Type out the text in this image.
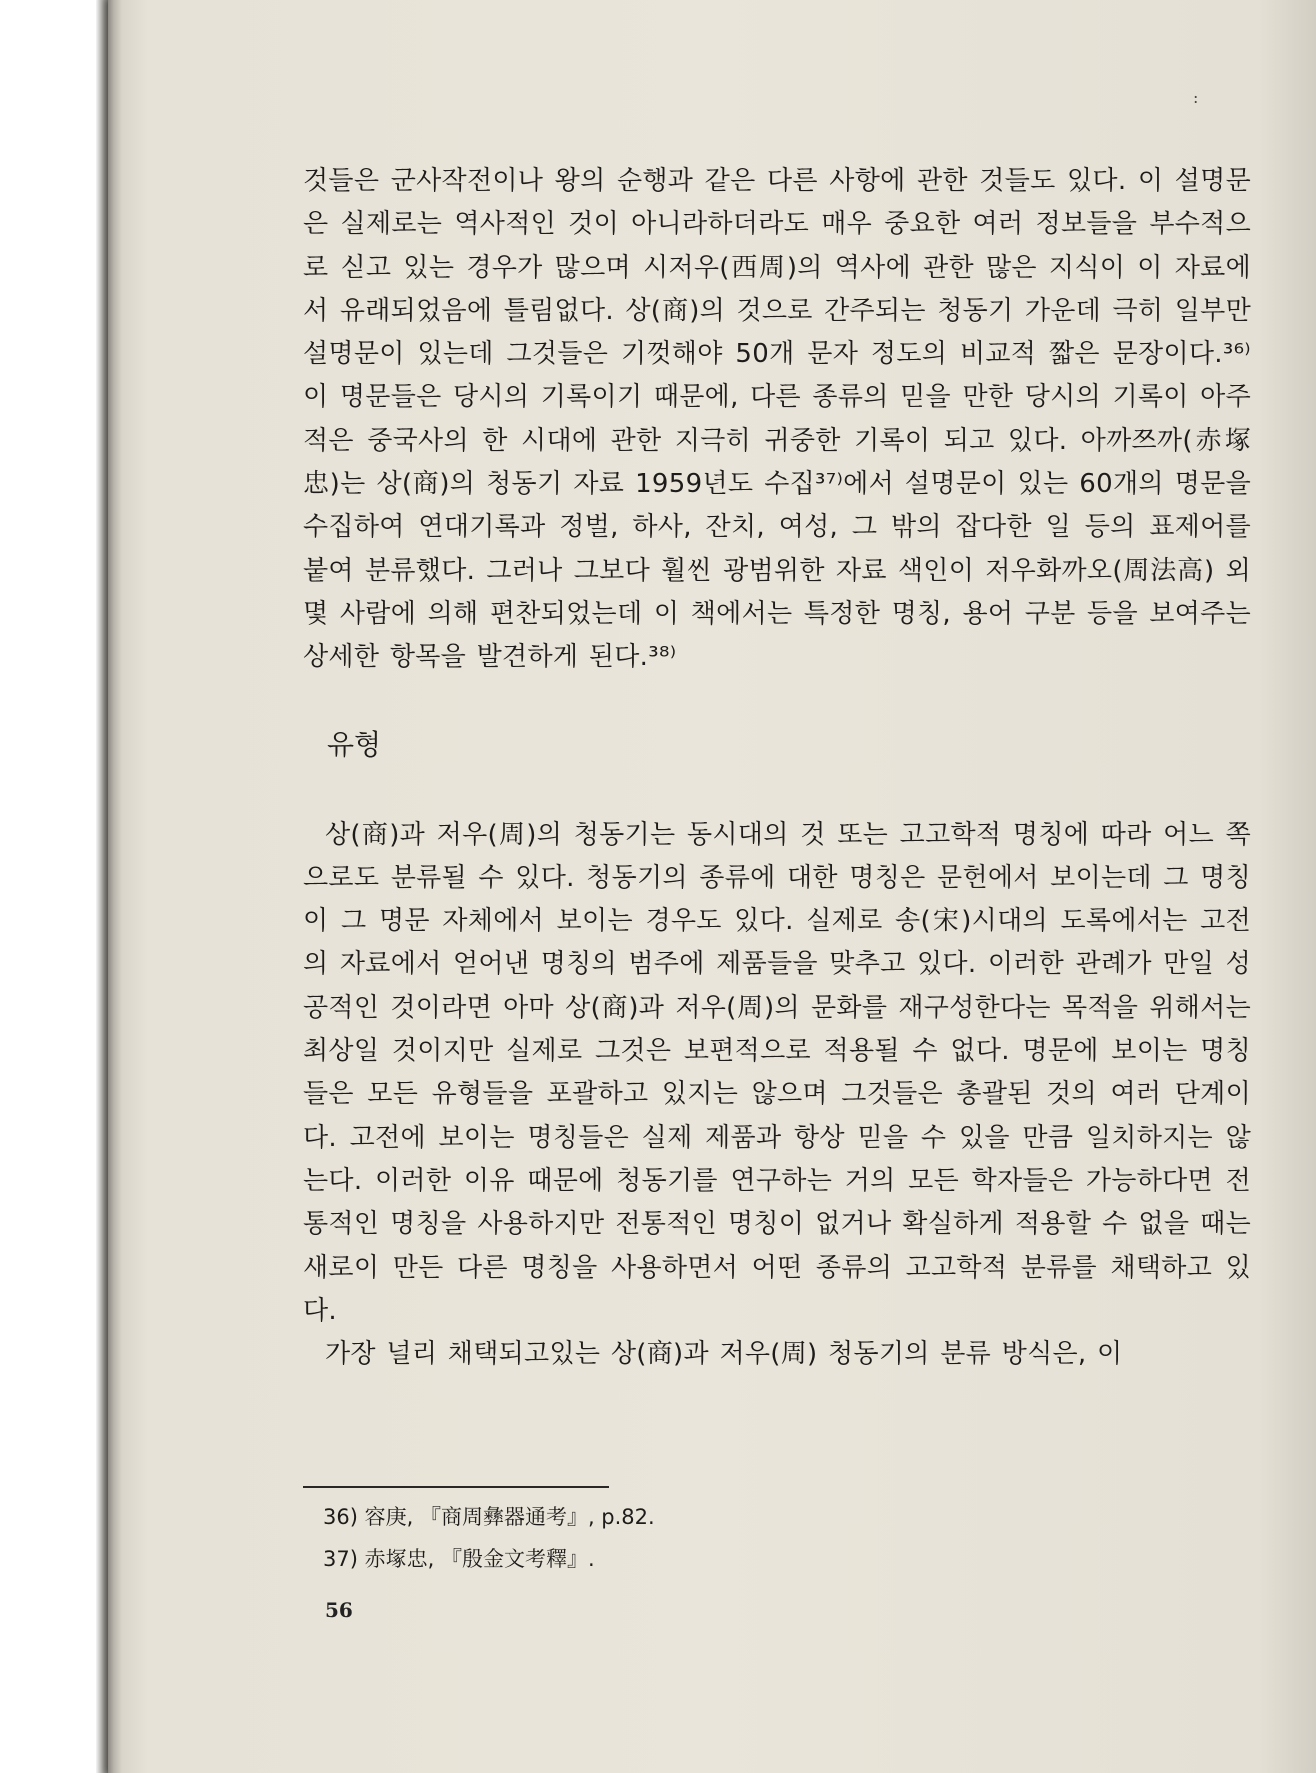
:

것들은 군사작전이나 왕의 순행과 같은 다른 사항에 관한 것들도 있다. 이 설명문은 실제로는 역사적인 것이 아니라하더라도 매우 중요한 여러 정보들을 부수적으로 싣고 있는 경우가 많으며 시저우(西周)의 역사에 관한 많은 지식이 이 자료에서 유래되었음에 틀림없다. 상(商)의 것으로 간주되는 청동기 가운데 극히 일부만 설명문이 있는데 그것들은 기껏해야 50개 문자 정도의 비교적 짧은 문장이다.³⁶⁾ 이 명문들은 당시의 기록이기 때문에, 다른 종류의 믿을 만한 당시의 기록이 아주 적은 중국사의 한 시대에 관한 지극히 귀중한 기록이 되고 있다. 아까쯔까(赤塚忠)는 상(商)의 청동기 자료 1959년도 수집³⁷⁾에서 설명문이 있는 60개의 명문을 수집하여 연대기록과 정벌, 하사, 잔치, 여성, 그 밖의 잡다한 일 등의 표제어를 붙여 분류했다. 그러나 그보다 훨씬 광범위한 자료 색인이 저우화까오(周法高) 외 몇 사람에 의해 편찬되었는데 이 책에서는 특정한 명칭, 용어 구분 등을 보여주는 상세한 항목을 발견하게 된다.³⁸⁾

유형

상(商)과 저우(周)의 청동기는 동시대의 것 또는 고고학적 명칭에 따라 어느 쪽으로도 분류될 수 있다. 청동기의 종류에 대한 명칭은 문헌에서 보이는데 그 명칭이 그 명문 자체에서 보이는 경우도 있다. 실제로 송(宋)시대의 도록에서는 고전의 자료에서 얻어낸 명칭의 범주에 제품들을 맞추고 있다. 이러한 관례가 만일 성공적인 것이라면 아마 상(商)과 저우(周)의 문화를 재구성한다는 목적을 위해서는 최상일 것이지만 실제로 그것은 보편적으로 적용될 수 없다. 명문에 보이는 명칭들은 모든 유형들을 포괄하고 있지는 않으며 그것들은 총괄된 것의 여러 단계이다. 고전에 보이는 명칭들은 실제 제품과 항상 믿을 수 있을 만큼 일치하지는 않는다. 이러한 이유 때문에 청동기를 연구하는 거의 모든 학자들은 가능하다면 전통적인 명칭을 사용하지만 전통적인 명칭이 없거나 확실하게 적용할 수 없을 때는 새로이 만든 다른 명칭을 사용하면서 어떤 종류의 고고학적 분류를 채택하고 있다.

가장 널리 채택되고있는 상(商)과 저우(周) 청동기의 분류 방식은, 이

36) 容庚, 『商周彝器通考』, p.82.
37) 赤塚忠, 『殷金文考釋』.
56
